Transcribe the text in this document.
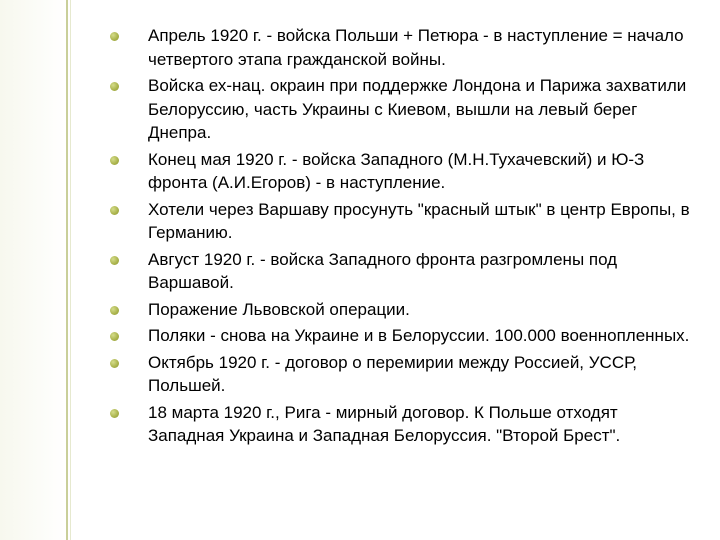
Апрель 1920 г. - войска Польши + Петюра - в наступление = начало четвертого этапа гражданской войны.
Войска ех-нац. окраин при поддержке Лондона и Парижа захватили Белоруссию, часть Украины с Киевом, вышли на левый берег Днепра.
Конец мая 1920 г. - войска Западного (М.Н.Тухачевский) и Ю-З фронта (А.И.Егоров) - в наступление.
Хотели через Варшаву просунуть "красный штык" в центр Европы, в Германию.
Август 1920 г. - войска Западного фронта разгромлены под Варшавой.
Поражение Львовской операции.
Поляки - снова на Украине и в Белоруссии. 100.000 военнопленных.
Октябрь 1920 г. - договор о перемирии между Россией, УССР, Польшей.
18 марта 1920 г., Рига - мирный договор. К Польше отходят Западная Украина и Западная Белоруссия. "Второй Брест".
